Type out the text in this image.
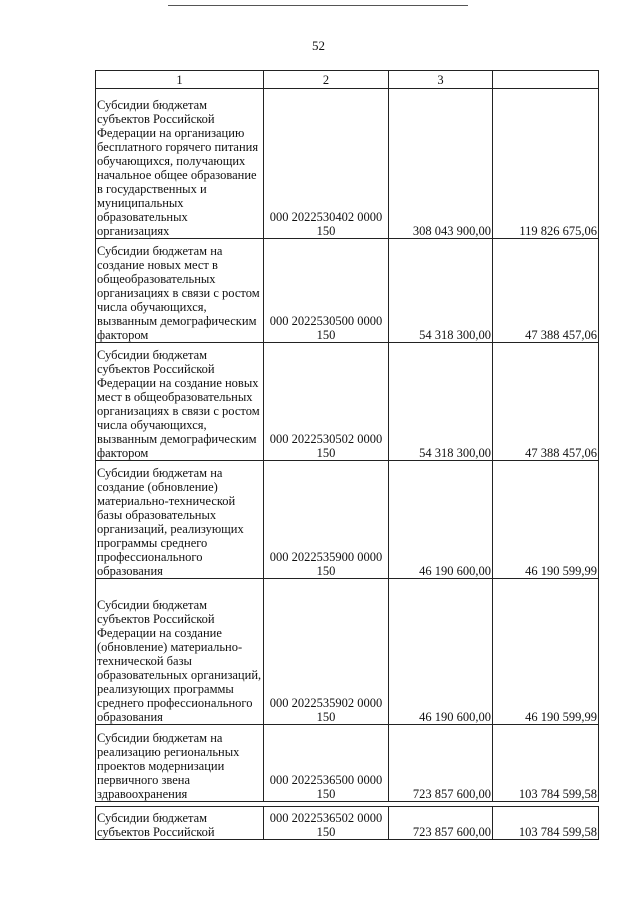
52
1	2	3	
Субсидии бюджетам субъектов Российской Федерации на организацию бесплатного горячего питания обучающихся, получающих начальное общее образование в государственных и муниципальных образовательных организациях	000 2022530402 0000 150	308 043 900,00	119 826 675,06
Субсидии бюджетам на создание новых мест в общеобразовательных организациях в связи с ростом числа обучающихся, вызванным демографическим фактором	000 2022530500 0000 150	54 318 300,00	47 388 457,06
Субсидии бюджетам субъектов Российской Федерации на создание новых мест в общеобразовательных организациях в связи с ростом числа обучающихся, вызванным демографическим фактором	000 2022530502 0000 150	54 318 300,00	47 388 457,06
Субсидии бюджетам на создание (обновление) материально-технической базы образовательных организаций, реализующих программы среднего профессионального образования	000 2022535900 0000 150	46 190 600,00	46 190 599,99
Субсидии бюджетам субъектов Российской Федерации на создание (обновление) материально-технической базы образовательных организаций, реализующих программы среднего профессионального образования	000 2022535902 0000 150	46 190 600,00	46 190 599,99
Субсидии бюджетам на реализацию региональных проектов модернизации первичного звена здравоохранения	000 2022536500 0000 150	723 857 600,00	103 784 599,58

Субсидии бюджетам субъектов Российской	000 2022536502 0000 150	723 857 600,00	103 784 599,58
